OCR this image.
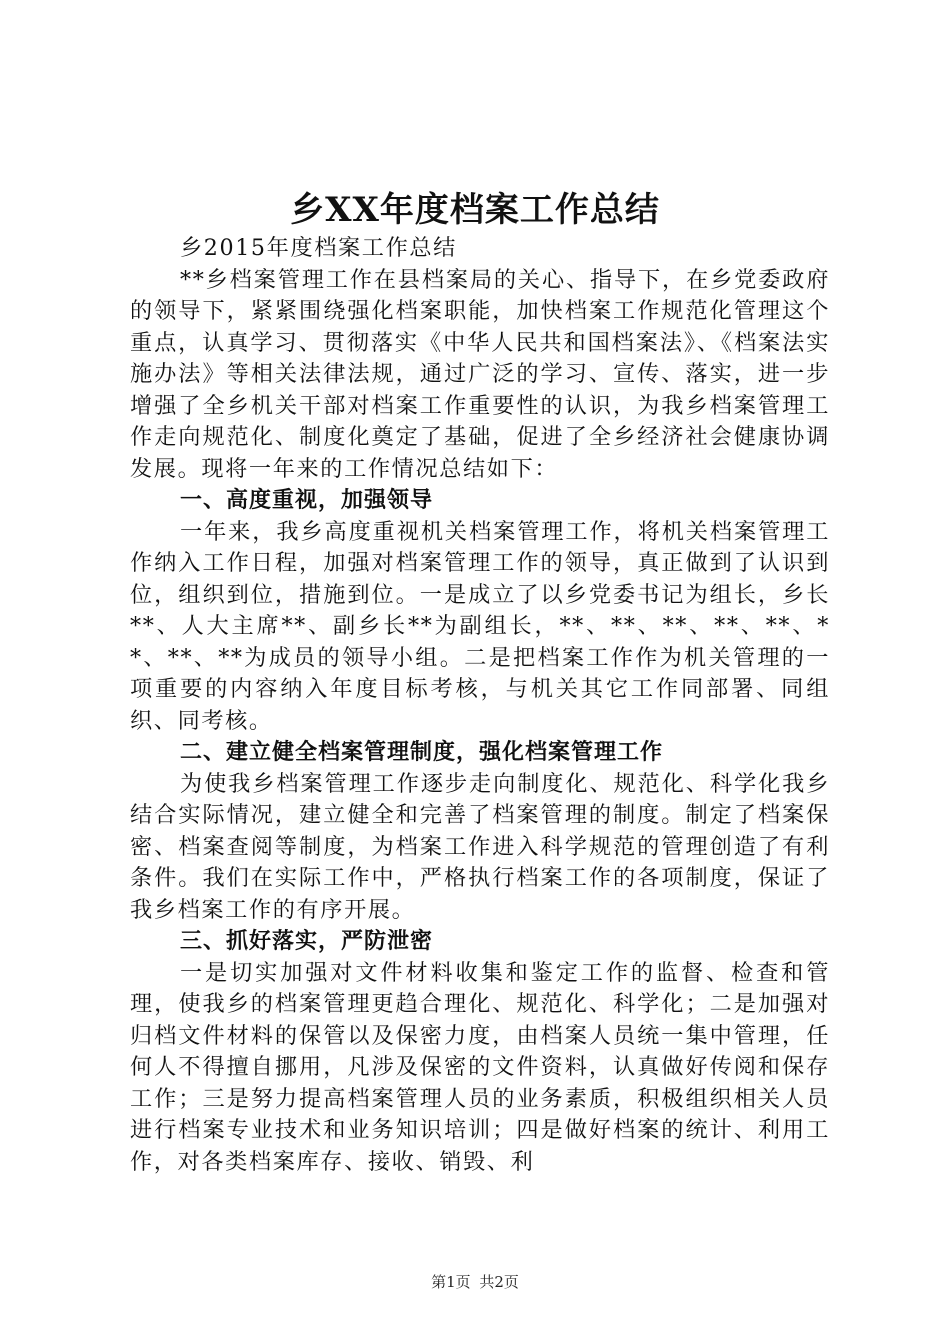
乡XX年度档案工作总结

乡2015年度档案工作总结

**乡档案管理工作在县档案局的关心、指导下，在乡党委政府的领导下，紧紧围绕强化档案职能，加快档案工作规范化管理这个重点，认真学习、贯彻落实《中华人民共和国档案法》、《档案法实施办法》等相关法律法规，通过广泛的学习、宣传、落实，进一步增强了全乡机关干部对档案工作重要性的认识，为我乡档案管理工作走向规范化、制度化奠定了基础，促进了全乡经济社会健康协调发展。现将一年来的工作情况总结如下：

一、高度重视，加强领导

一年来，我乡高度重视机关档案管理工作，将机关档案管理工作纳入工作日程，加强对档案管理工作的领导，真正做到了认识到位，组织到位，措施到位。一是成立了以乡党委书记为组长，乡长**、人大主席**、副乡长**为副组长，**、**、**、**、**、**、**、**为成员的领导小组。二是把档案工作作为机关管理的一项重要的内容纳入年度目标考核，与机关其它工作同部署、同组织、同考核。

二、建立健全档案管理制度，强化档案管理工作

为使我乡档案管理工作逐步走向制度化、规范化、科学化我乡结合实际情况，建立健全和完善了档案管理的制度。制定了档案保密、档案查阅等制度，为档案工作进入科学规范的管理创造了有利条件。我们在实际工作中，严格执行档案工作的各项制度，保证了我乡档案工作的有序开展。

三、抓好落实，严防泄密

一是切实加强对文件材料收集和鉴定工作的监督、检查和管理，使我乡的档案管理更趋合理化、规范化、科学化；二是加强对归档文件材料的保管以及保密力度，由档案人员统一集中管理，任何人不得擅自挪用，凡涉及保密的文件资料，认真做好传阅和保存工作；三是努力提高档案管理人员的业务素质，积极组织相关人员进行档案专业技术和业务知识培训；四是做好档案的统计、利用工作，对各类档案库存、接收、销毁、利

第1页 共2页
